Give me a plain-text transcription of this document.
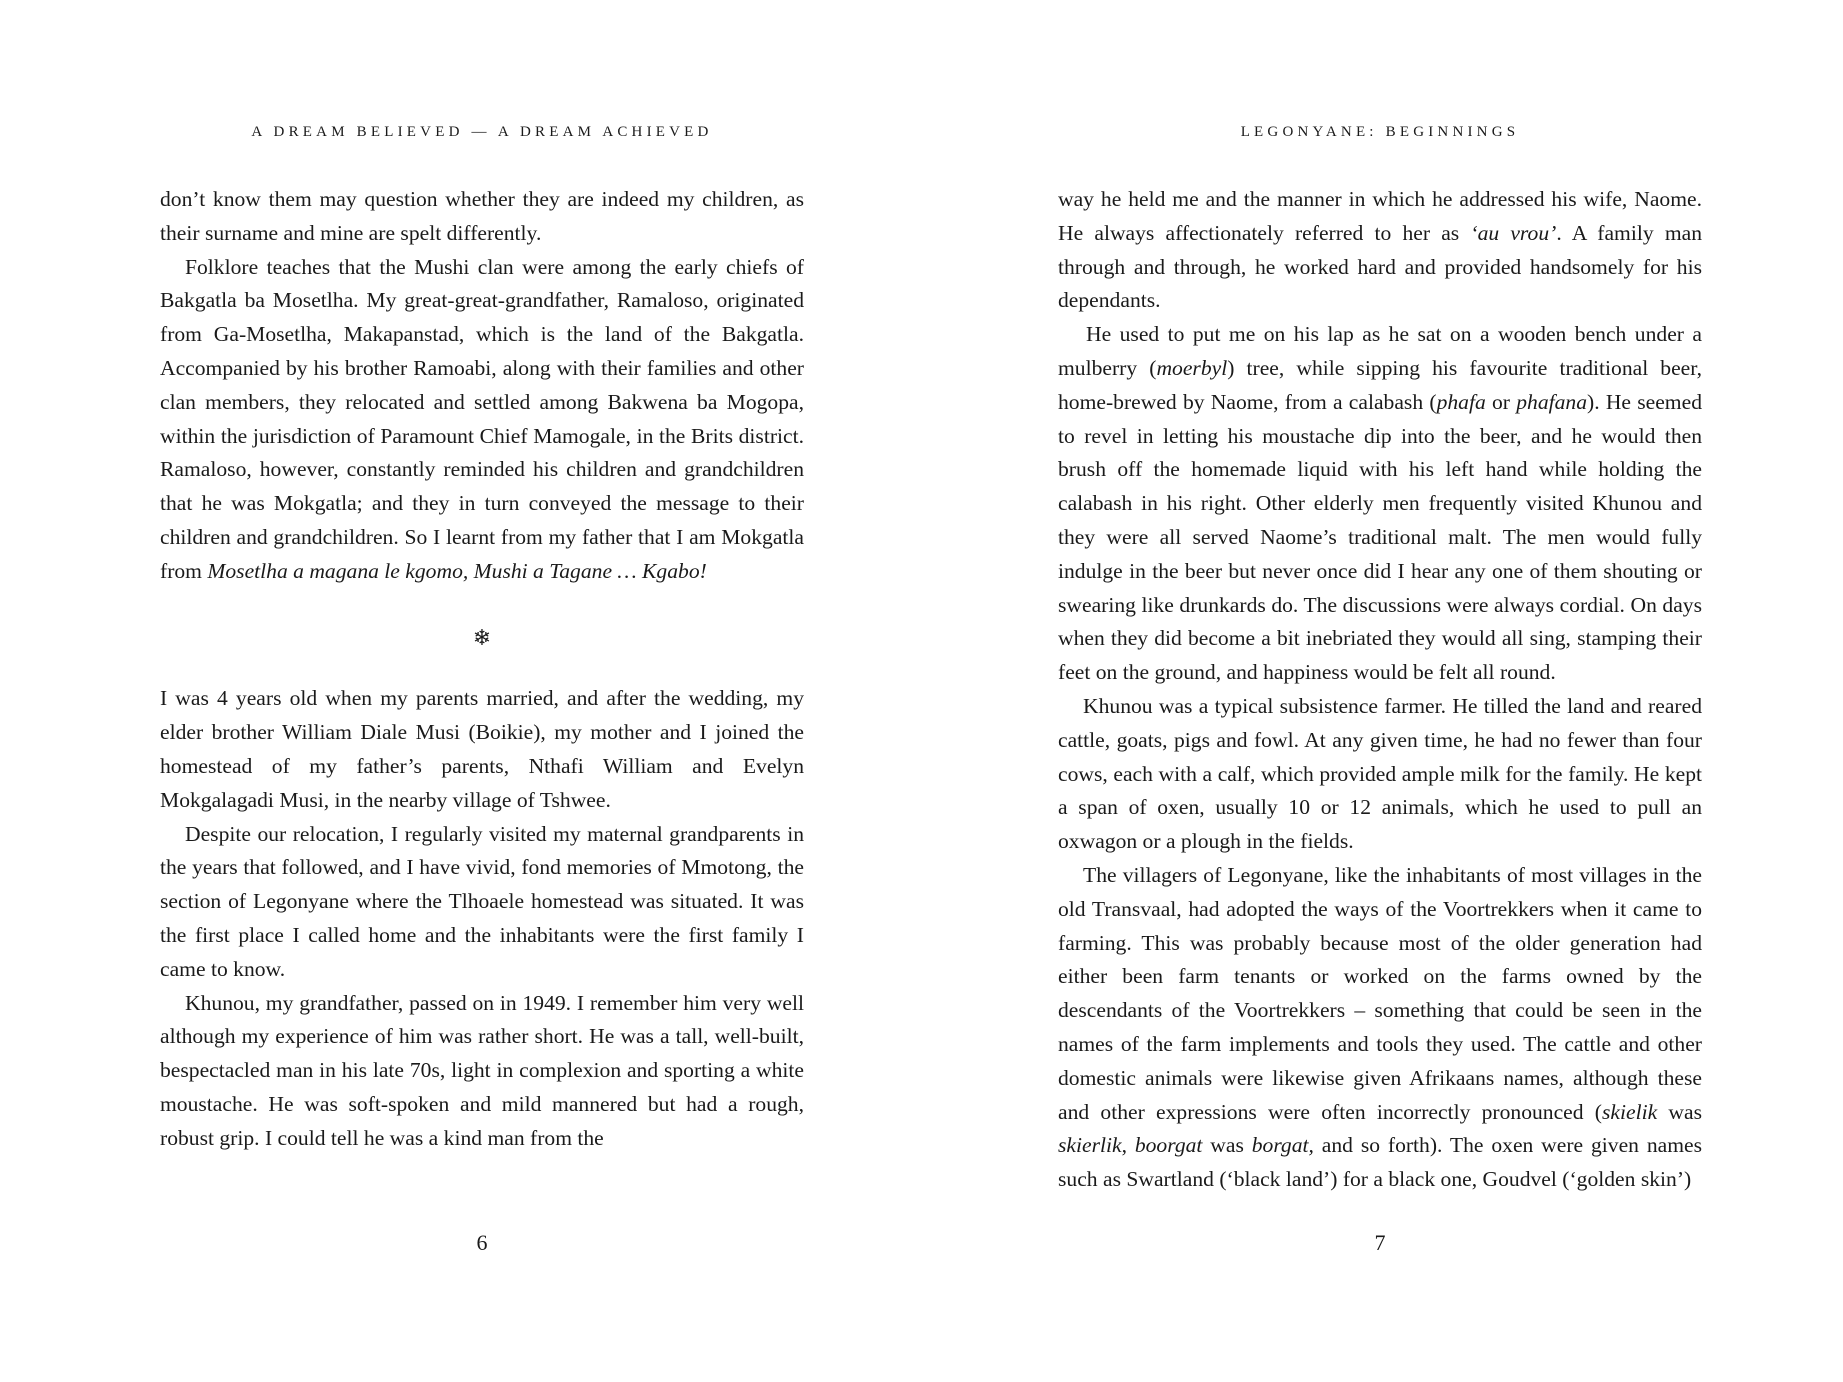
A DREAM BELIEVED — A DREAM ACHIEVED

don’t know them may question whether they are indeed my children, as their surname and mine are spelt differently.

Folklore teaches that the Mushi clan were among the early chiefs of Bakgatla ba Mosetlha. My great-great-grandfather, Ramaloso, originated from Ga-Mosetlha, Makapanstad, which is the land of the Bakgatla. Accompanied by his brother Ramoabi, along with their families and other clan members, they relocated and settled among Bakwena ba Mogopa, within the jurisdiction of Paramount Chief Mamogale, in the Brits district. Ramaloso, however, constantly reminded his children and grandchildren that he was Mokgatla; and they in turn conveyed the message to their children and grandchildren. So I learnt from my father that I am Mokgatla from Mosetlha a magana le kgomo, Mushi a Tagane … Kgabo!

❄

I was 4 years old when my parents married, and after the wedding, my elder brother William Diale Musi (Boikie), my mother and I joined the homestead of my father’s parents, Nthafi William and Evelyn Mokgalagadi Musi, in the nearby village of Tshwee.

Despite our relocation, I regularly visited my maternal grandparents in the years that followed, and I have vivid, fond memories of Mmotong, the section of Legonyane where the Tlhoaele homestead was situated. It was the first place I called home and the inhabitants were the first family I came to know.

Khunou, my grandfather, passed on in 1949. I remember him very well although my experience of him was rather short. He was a tall, well-built, bespectacled man in his late 70s, light in complexion and sporting a white moustache. He was soft-spoken and mild mannered but had a rough, robust grip. I could tell he was a kind man from the

6
LEGONYANE: BEGINNINGS

way he held me and the manner in which he addressed his wife, Naome. He always affectionately referred to her as ‘au vrou’. A family man through and through, he worked hard and provided handsomely for his dependants.

He used to put me on his lap as he sat on a wooden bench under a mulberry (moerbyl) tree, while sipping his favourite traditional beer, home-brewed by Naome, from a calabash (phafa or phafana). He seemed to revel in letting his moustache dip into the beer, and he would then brush off the homemade liquid with his left hand while holding the calabash in his right. Other elderly men frequently visited Khunou and they were all served Naome’s traditional malt. The men would fully indulge in the beer but never once did I hear any one of them shouting or swearing like drunkards do. The discussions were always cordial. On days when they did become a bit inebriated they would all sing, stamping their feet on the ground, and happiness would be felt all round.

Khunou was a typical subsistence farmer. He tilled the land and reared cattle, goats, pigs and fowl. At any given time, he had no fewer than four cows, each with a calf, which provided ample milk for the family. He kept a span of oxen, usually 10 or 12 animals, which he used to pull an oxwagon or a plough in the fields.

The villagers of Legonyane, like the inhabitants of most villages in the old Transvaal, had adopted the ways of the Voortrekkers when it came to farming. This was probably because most of the older generation had either been farm tenants or worked on the farms owned by the descendants of the Voortrekkers – something that could be seen in the names of the farm implements and tools they used. The cattle and other domestic animals were likewise given Afrikaans names, although these and other expressions were often incorrectly pronounced (skielik was skierlik, boorgat was borgat, and so forth). The oxen were given names such as Swartland (‘black land’) for a black one, Goudvel (‘golden skin’)

7
